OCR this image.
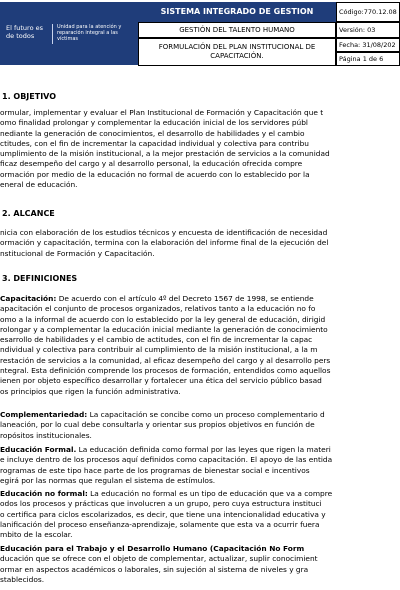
El futuro es de todos
Unidad para la atención y reparación integral a las víctimas
SISTEMA INTEGRADO DE GESTION
GESTIÓN DEL TALENTO HUMANO
FORMULACIÓN DEL PLAN INSTITUCIONAL DE
CAPACITACIÓN.
Código:770.12.08
Versión: 03
Fecha: 31/08/202
Página 1 de 6
1. OBJETIVO
ormular, implementar y evaluar el Plan Institucional de Formación y Capacitación que t
omo finalidad prolongar y complementar la educación inicial de los servidores públ
nediante la generación de conocimientos, el desarrollo de habilidades y el cambio
ctitudes, con el fin de incrementar la capacidad individual y colectiva para contribu
umplimiento de la misión institucional, a la mejor prestación de servicios a la comunidad
ficaz desempeño del cargo y al desarrollo personal, la educación ofrecida compre
ormación por medio de la educación no formal de acuerdo con lo establecido por la
eneral de educación.
2. ALCANCE
nicia con elaboración de los estudios técnicos y encuesta de identificación de necesidad
ormación y capacitación, termina con la elaboración del informe final de la ejecución del
nstitucional de Formación y Capacitación.
3. DEFINICIONES
Capacitación: De acuerdo con el artículo 4º del Decreto 1567 de 1998, se entiende
apacitación el conjunto de procesos organizados, relativos tanto a la educación no fo
omo a la informal de acuerdo con lo establecido por la ley general de educación, dirigid
rolongar y a complementar la educación inicial mediante la generación de conocimiento
esarrollo de habilidades y el cambio de actitudes, con el fin de incrementar la capac
ndividual y colectiva para contribuir al cumplimiento de la misión institucional, a la m
restación de servicios a la comunidad, al eficaz desempeño del cargo y al desarrollo pers
ntegral. Esta definición comprende los procesos de formación, entendidos como aquellos
ienen por objeto específico desarrollar y fortalecer una ética del servicio público basad
os principios que rigen la función administrativa.
Complementariedad: La capacitación se concibe como un proceso complementario d
laneación, por lo cual debe consultarla y orientar sus propios objetivos en función de
ropósitos institucionales.
Educación Formal. La educación definida como formal por las leyes que rigen la materi
e incluye dentro de los procesos aquí definidos como capacitación. El apoyo de las entida
rogramas de este tipo hace parte de los programas de bienestar social e incentivos
egirá por las normas que regulan el sistema de estímulos.
Educación no formal: La educación no formal es un tipo de educación que va a compre
odos los procesos y prácticas que involucren a un grupo, pero cuya estructura instituci
o certifica para ciclos escolarizados, es decir, que tiene una intencionalidad educativa y
lanificación del proceso enseñanza-aprendizaje, solamente que esta va a ocurrir fuera
mbito de la escolar.
Educación para el Trabajo y el Desarrollo Humano (Capacitación No Form
ducación que se ofrece con el objeto de complementar, actualizar, suplir conocimient
ormar en aspectos académicos o laborales, sin sujeción al sistema de niveles y gra
stablecidos.
